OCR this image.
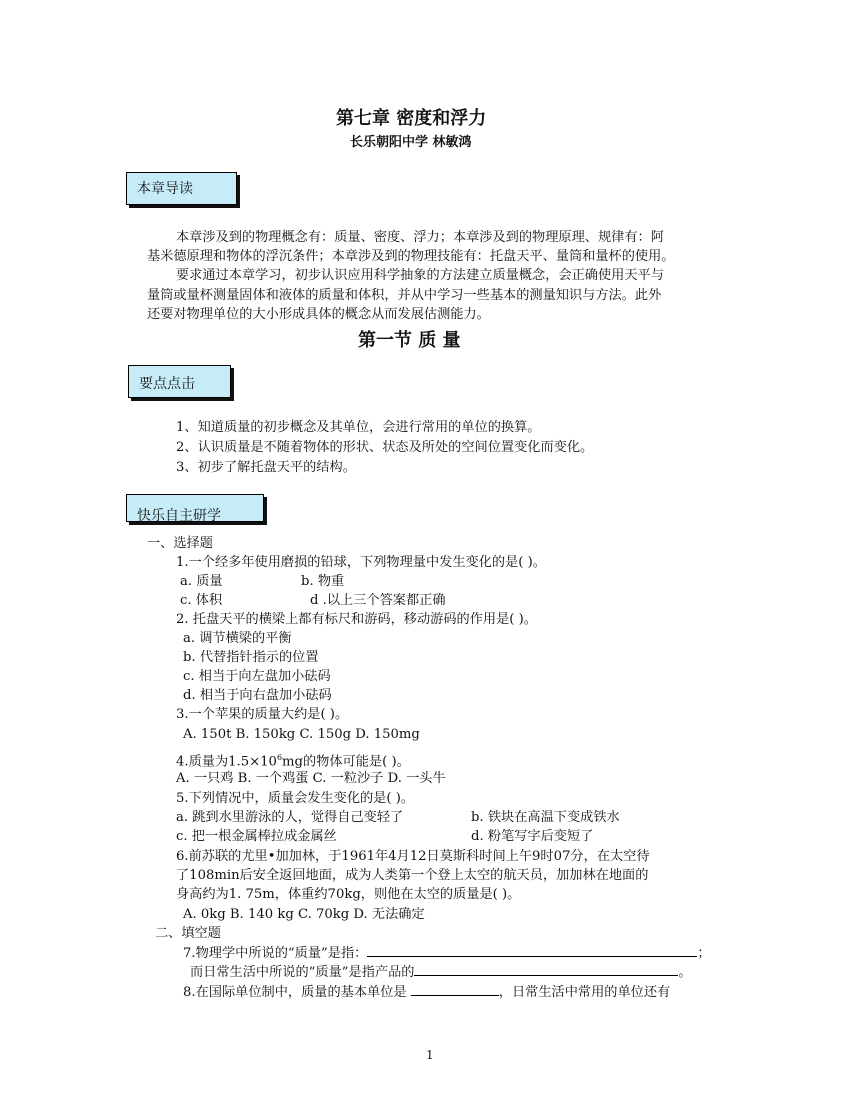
第七章 密度和浮力
长乐朝阳中学 林敏鸿
本章导读
本章涉及到的物理概念有：质量、密度、浮力；本章涉及到的物理原理、规律有：阿
基米德原理和物体的浮沉条件；本章涉及到的物理技能有：托盘天平、量筒和量杯的使用。
要求通过本章学习，初步认识应用科学抽象的方法建立质量概念，会正确使用天平与
量筒或量杯测量固体和液体的质量和体积，并从中学习一些基本的测量知识与方法。此外
还要对物理单位的大小形成具体的概念从而发展估测能力。
第一节 质 量
要点点击
1、知道质量的初步概念及其单位，会进行常用的单位的换算。
2、认识质量是不随着物体的形状、状态及所处的空间位置变化而变化。
3、初步了解托盘天平的结构。
快乐自主研学
一、选择题
1.一个经多年使用磨损的铅球，下列物理量中发生变化的是( )。
a. 质量	b. 物重
c. 体积	d .以上三个答案都正确
2. 托盘天平的横梁上都有标尺和游码，移动游码的作用是( )。
a. 调节横梁的平衡
b. 代替指针指示的位置
c. 相当于向左盘加小砝码
d. 相当于向右盘加小砝码
3.一个苹果的质量大约是( )。
A. 150t B. 150kg C. 150g D. 150mg
4.质量为$1.5\times 10^6mg$的物体可能是( )。
A. 一只鸡 B. 一个鸡蛋 C. 一粒沙子 D. 一头牛
5.下列情况中，质量会发生变化的是( )。
a. 跳到水里游泳的人，觉得自己变轻了	b. 铁块在高温下变成铁水
c. 把一根金属棒拉成金属丝	d. 粉笔写字后变短了
6.前苏联的尤里•加加林，于1961年4月12日莫斯科时间上午9时07分，在太空待
了108min后安全返回地面，成为人类第一个登上太空的航天员，加加林在地面的
身高约为1. 75m，体重约70kg，则他在太空的质量是( )。
A. 0kg B. 140 kg C. 70kg D. 无法确定
二、填空题
7.物理学中所说的“质量”是指：	；
而日常生活中所说的“质量”是指产品的	。
8.在国际单位制中，质量的基本单位是	，日常生活中常用的单位还有
1
